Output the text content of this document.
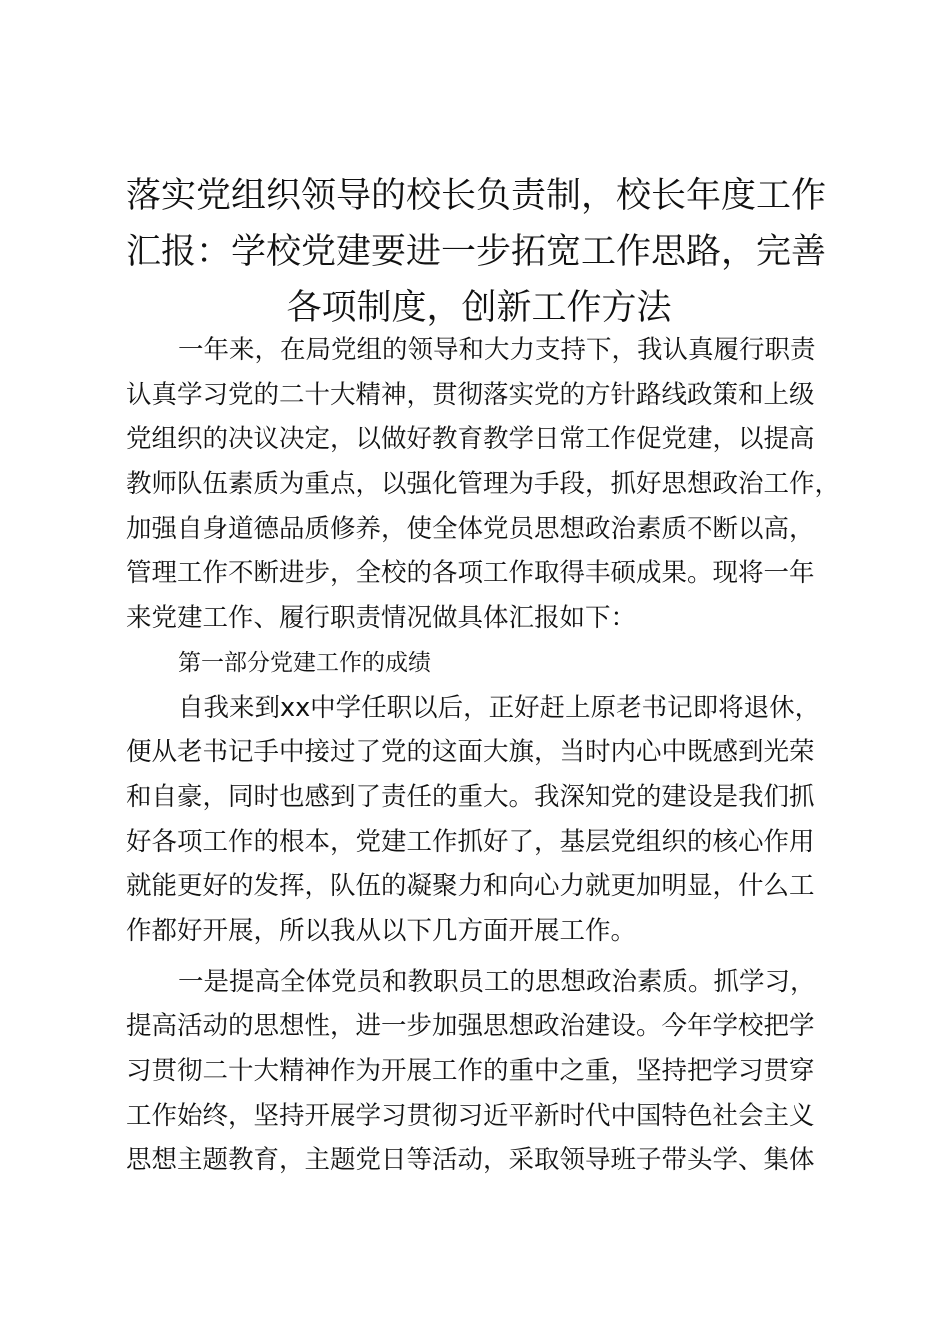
落实党组织领导的校长负责制，校长年度工作
汇报：学校党建要进一步拓宽工作思路，完善
各项制度，创新工作方法
一年来，在局党组的领导和大力支持下，我认真履行职责
认真学习党的二十大精神，贯彻落实党的方针路线政策和上级
党组织的决议决定，以做好教育教学日常工作促党建，以提高
教师队伍素质为重点，以强化管理为手段，抓好思想政治工作，
加强自身道德品质修养，使全体党员思想政治素质不断以高，
管理工作不断进步，全校的各项工作取得丰硕成果。现将一年
来党建工作、履行职责情况做具体汇报如下：
第一部分党建工作的成绩
自我来到xx中学任职以后，正好赶上原老书记即将退休，
便从老书记手中接过了党的这面大旗，当时内心中既感到光荣
和自豪，同时也感到了责任的重大。我深知党的建设是我们抓
好各项工作的根本，党建工作抓好了，基层党组织的核心作用
就能更好的发挥，队伍的凝聚力和向心力就更加明显，什么工
作都好开展，所以我从以下几方面开展工作。
一是提高全体党员和教职员工的思想政治素质。抓学习，
提高活动的思想性，进一步加强思想政治建设。今年学校把学
习贯彻二十大精神作为开展工作的重中之重，坚持把学习贯穿
工作始终，坚持开展学习贯彻习近平新时代中国特色社会主义
思想主题教育，主题党日等活动，采取领导班子带头学、集体
